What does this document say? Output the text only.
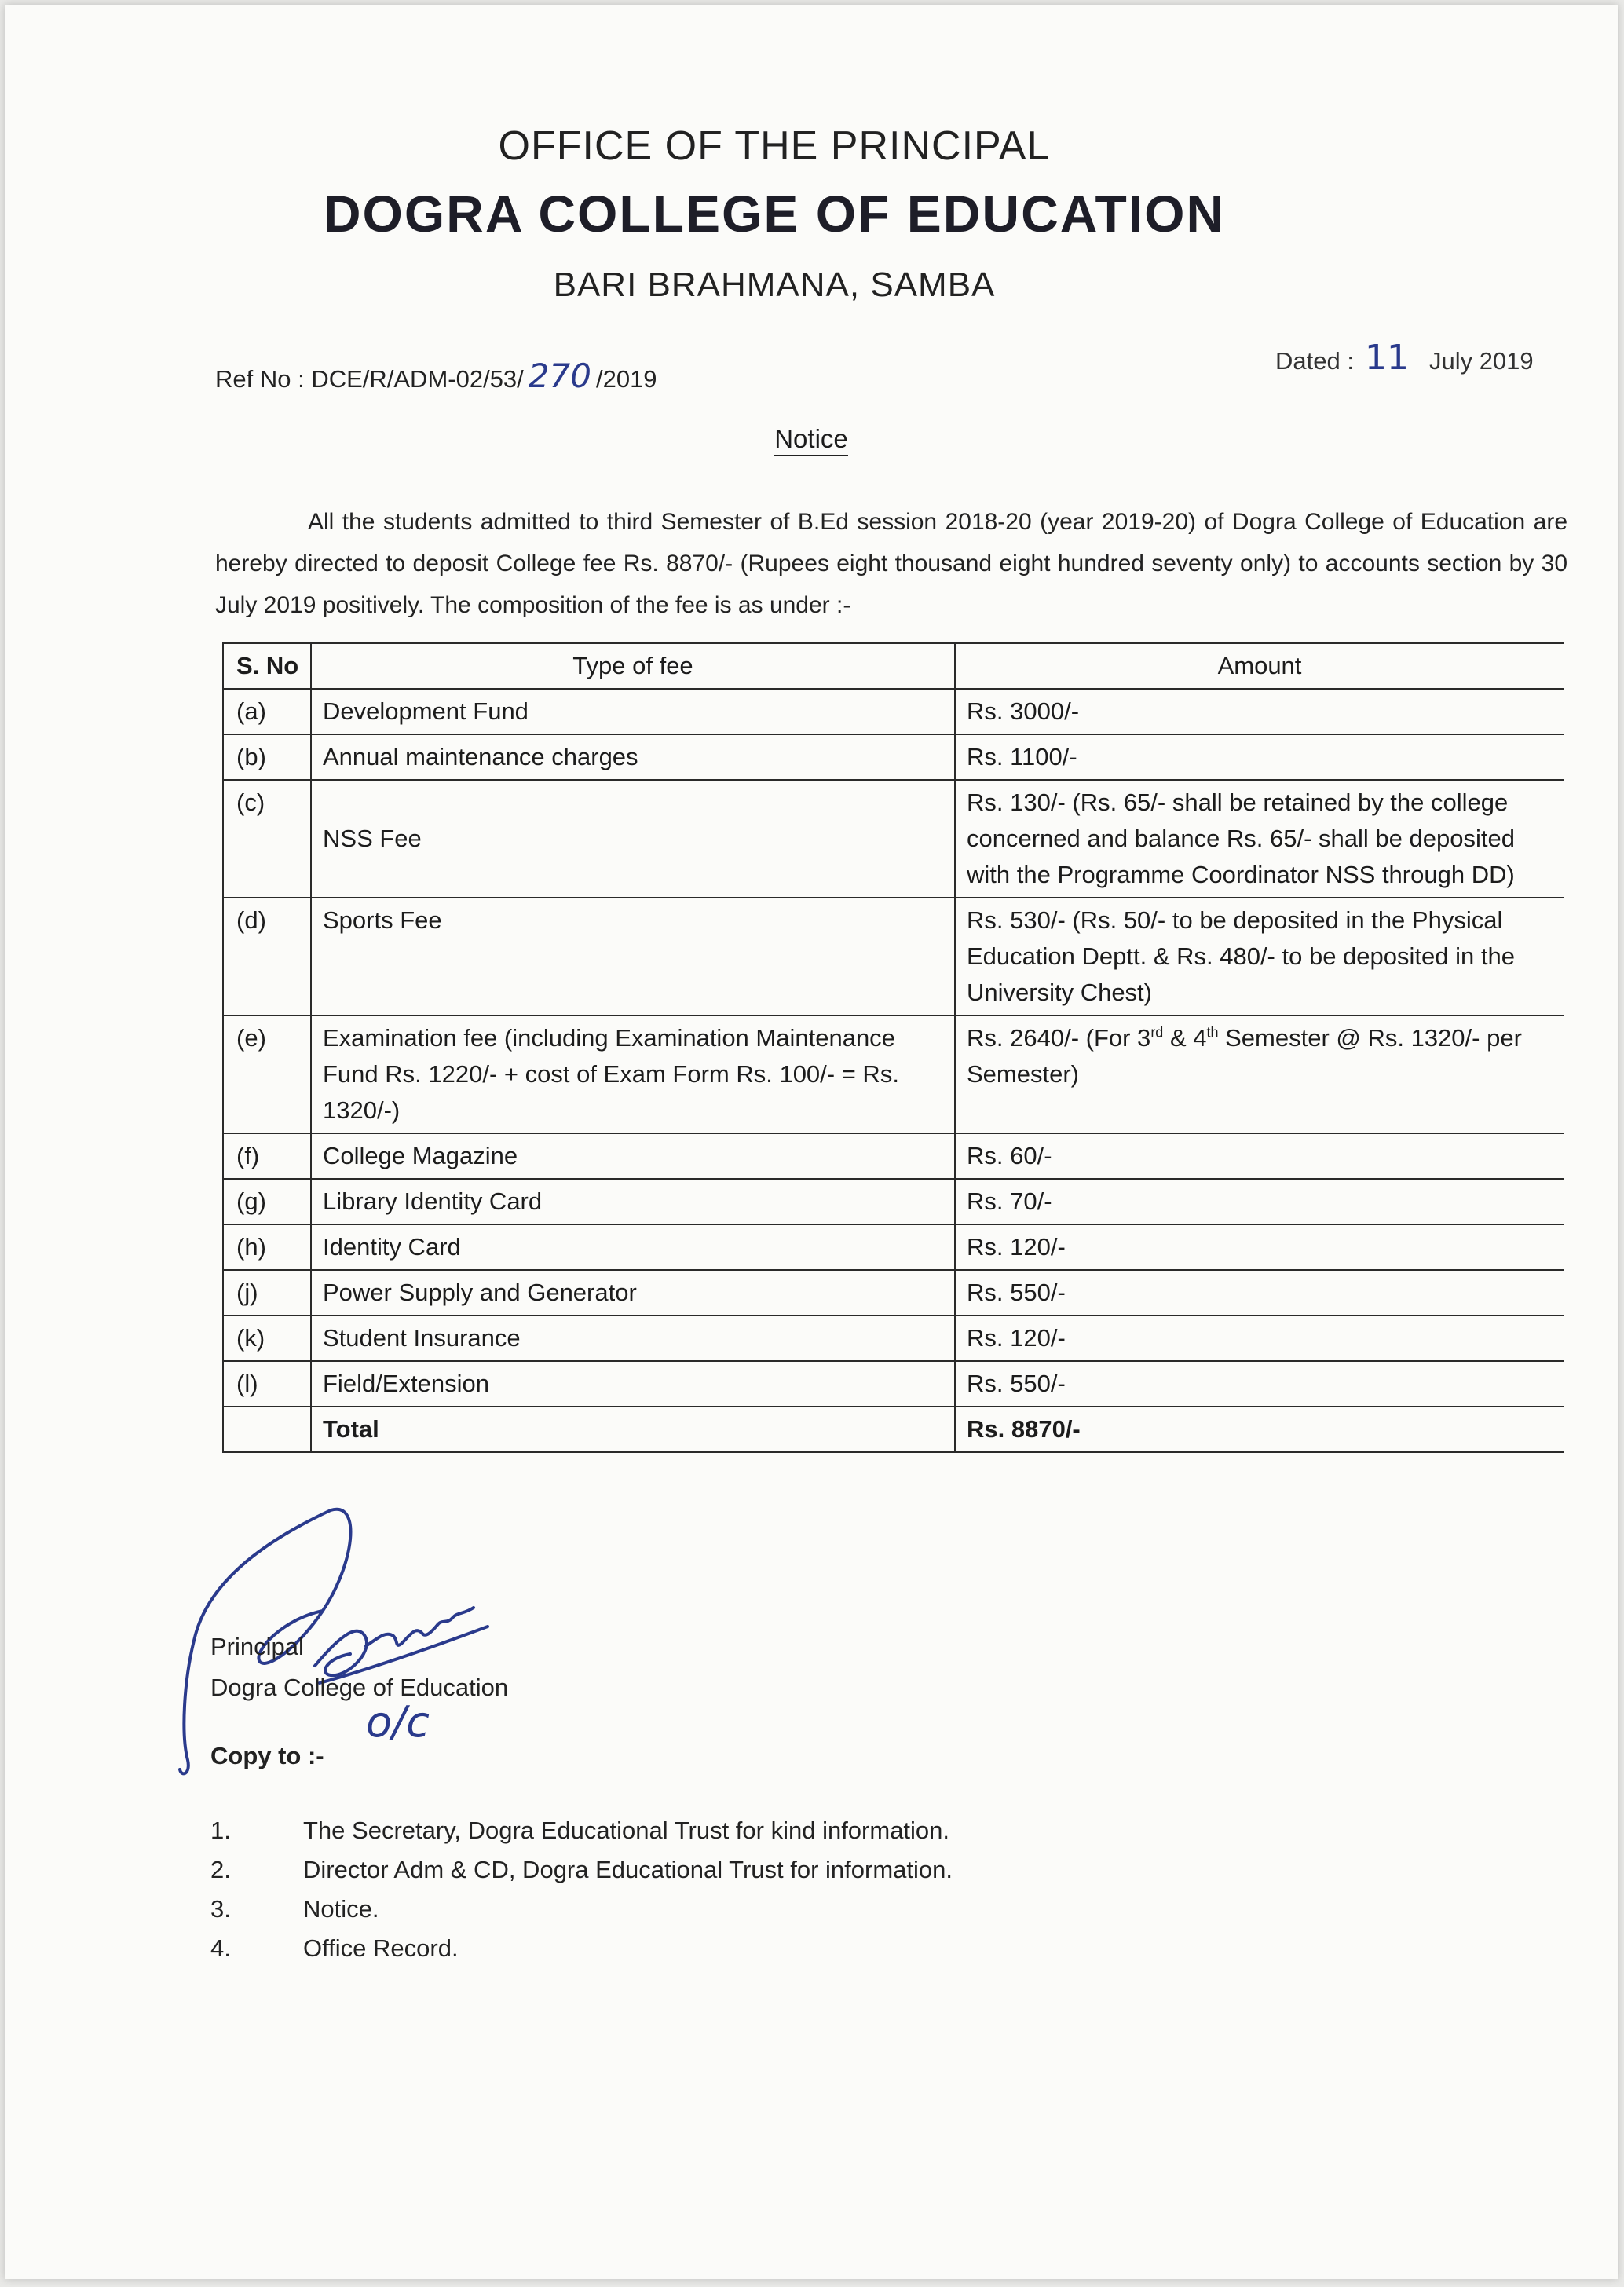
OFFICE OF THE PRINCIPAL
DOGRA COLLEGE OF EDUCATION
BARI BRAHMANA, SAMBA
Ref No : DCE/R/ADM-02/53/ 270 /2019
Dated : 11 July 2019
Notice
All the students admitted to third Semester of B.Ed session 2018-20 (year 2019-20) of Dogra College of Education are hereby directed to deposit College fee Rs. 8870/- (Rupees eight thousand eight hundred seventy only) to accounts section by 30 July 2019 positively. The composition of the fee is as under :-
S. No	Type of fee	Amount
(a)	Development Fund	Rs. 3000/-
(b)	Annual maintenance charges	Rs. 1100/-
(c)	NSS Fee	Rs. 130/- (Rs. 65/- shall be retained by the college concerned and balance Rs. 65/- shall be deposited with the Programme Coordinator NSS through DD)
(d)	Sports Fee	Rs. 530/- (Rs. 50/- to be deposited in the Physical Education Deptt. & Rs. 480/- to be deposited in the University Chest)
(e)	Examination fee (including Examination Maintenance Fund Rs. 1220/- + cost of Exam Form Rs. 100/- = Rs. 1320/-)	Rs. 2640/- (For 3rd & 4th Semester @ Rs. 1320/- per Semester)
(f)	College Magazine	Rs. 60/-
(g)	Library Identity Card	Rs. 70/-
(h)	Identity Card	Rs. 120/-
(j)	Power Supply and Generator	Rs. 550/-
(k)	Student Insurance	Rs. 120/-
(l)	Field/Extension	Rs. 550/-
	Total	Rs. 8870/-
Principal
Dogra College of Education
o/c
Copy to :-
1.	The Secretary, Dogra Educational Trust for kind information.
2.	Director Adm & CD, Dogra Educational Trust for information.
3.	Notice.
4.	Office Record.
